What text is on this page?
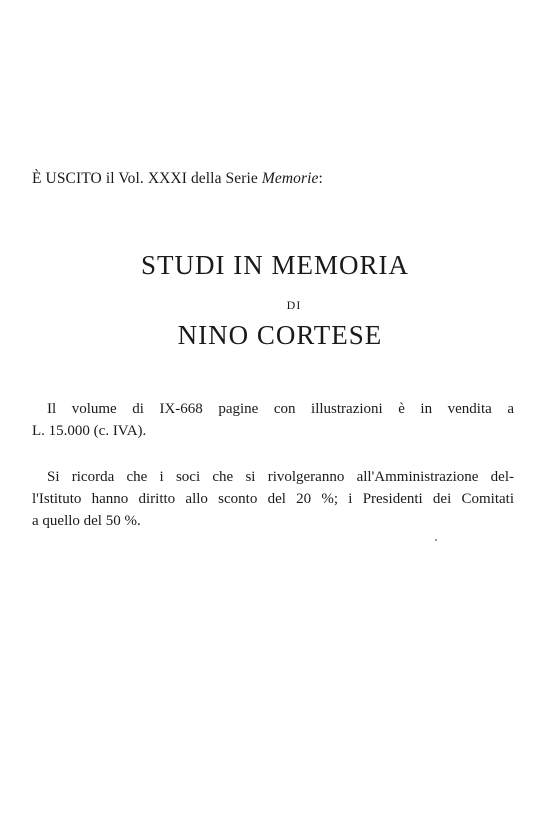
È USCITO il Vol. XXXI della Serie Memorie:
STUDI IN MEMORIA
DI
NINO CORTESE
Il volume di IX-668 pagine con illustrazioni è in vendita a
L. 15.000 (c. IVA).
Si ricorda che i soci che si rivolgeranno all'Amministrazione del-
l'Istituto hanno diritto allo sconto del 20 %; i Presidenti dei Comitati
a quello del 50 %.
